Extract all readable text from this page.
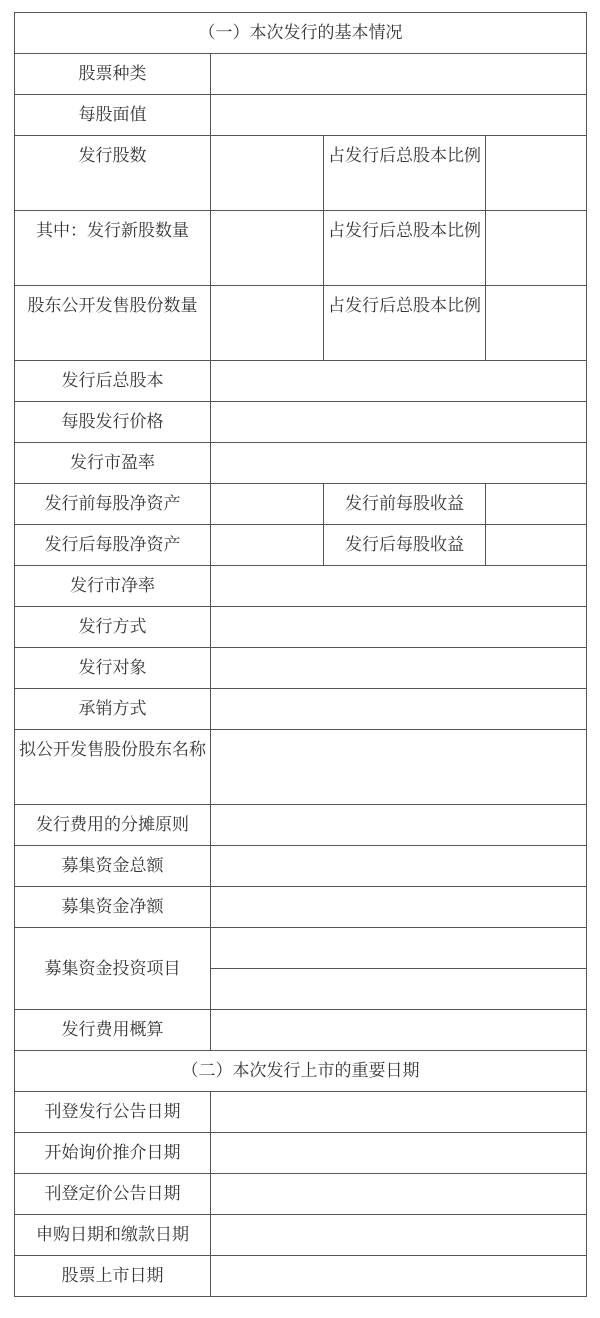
（一）本次发行的基本情况			
股票种类			
每股面值			
发行股数		占发行后总股本比例	
其中：发行新股数量		占发行后总股本比例	
股东公开发售股份数量		占发行后总股本比例	
发行后总股本			
每股发行价格			
发行市盈率			
发行前每股净资产		发行前每股收益	
发行后每股净资产		发行后每股收益	
发行市净率			
发行方式			
发行对象			
承销方式			
拟公开发售股份股东名称			
发行费用的分摊原则			
募集资金总额			
募集资金净额			
募集资金投资项目			

发行费用概算			
（二）本次发行上市的重要日期			
刊登发行公告日期			
开始询价推介日期			
刊登定价公告日期			
申购日期和缴款日期			
股票上市日期			
